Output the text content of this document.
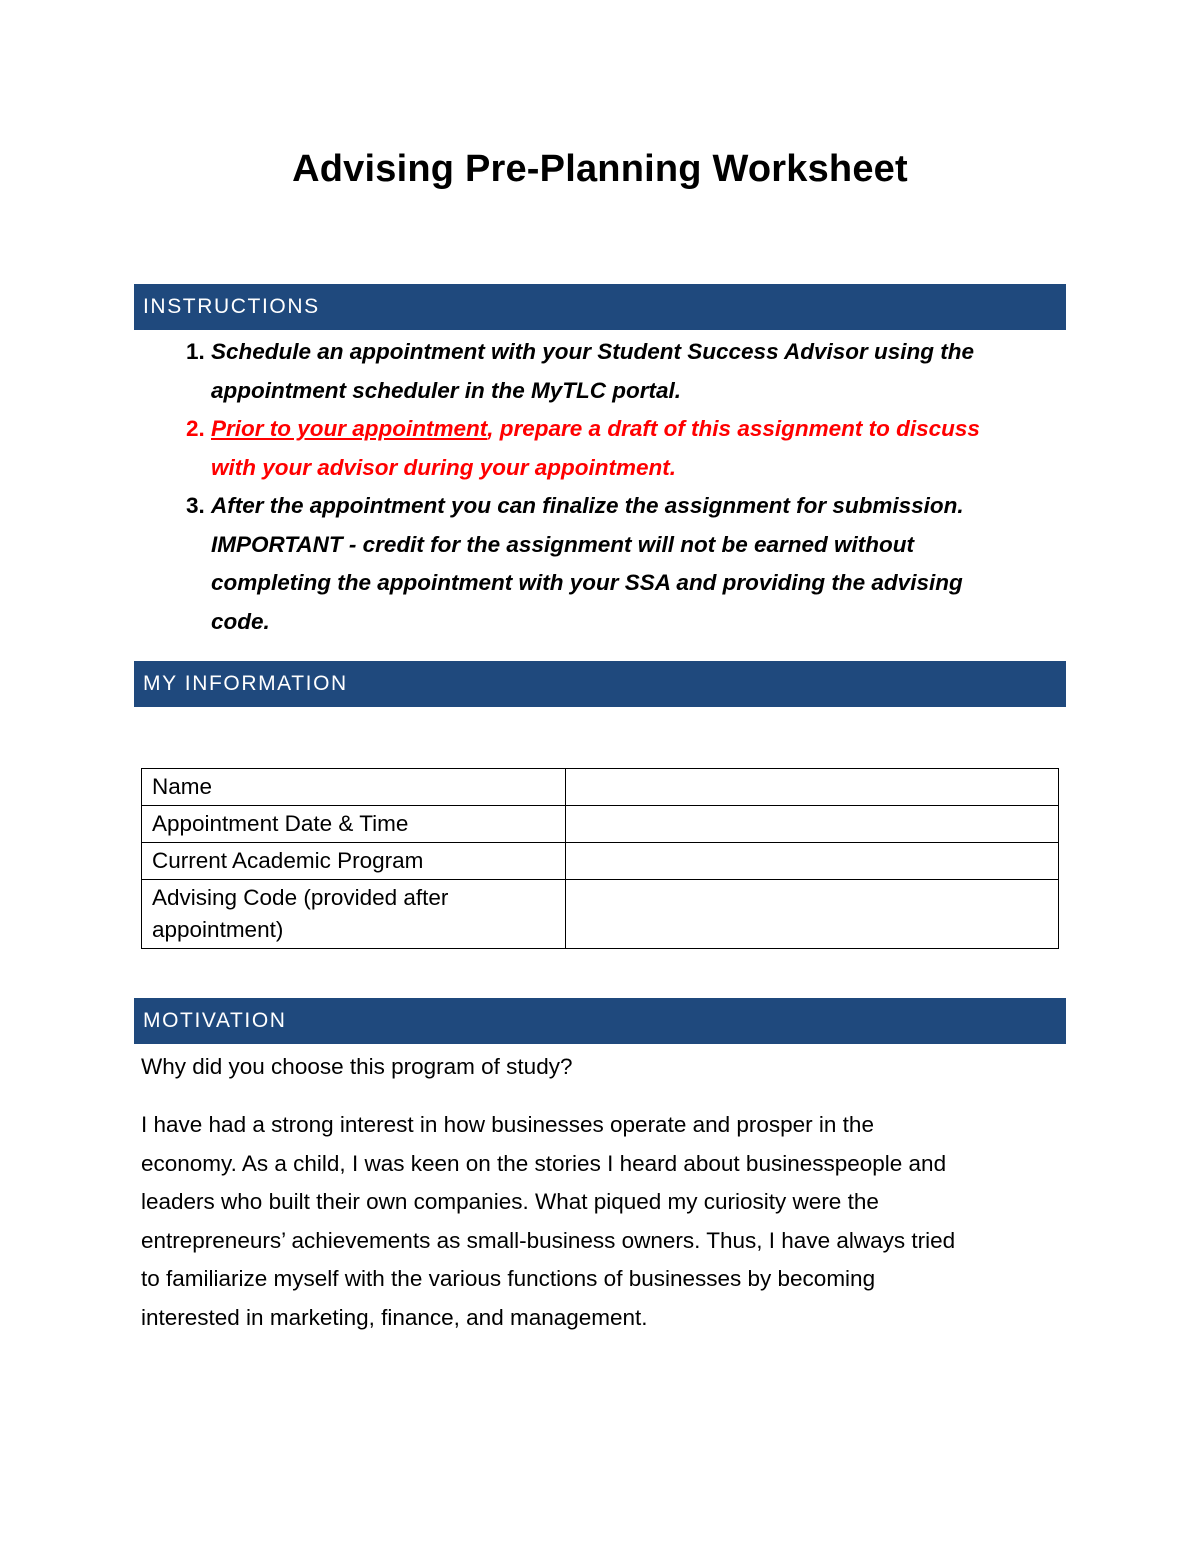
Advising Pre-Planning Worksheet
INSTRUCTIONS
1. Schedule an appointment with your Student Success Advisor using the
appointment scheduler in the MyTLC portal.
2. Prior to your appointment, prepare a draft of this assignment to discuss
with your advisor during your appointment.
3. After the appointment you can finalize the assignment for submission.
IMPORTANT - credit for the assignment will not be earned without
completing the appointment with your SSA and providing the advising
code.
MY INFORMATION
Name	
Appointment Date & Time	
Current Academic Program	

Advising Code (provided after
appointment)	

MOTIVATION
Why did you choose this program of study?
I have had a strong interest in how businesses operate and prosper in the
economy. As a child, I was keen on the stories I heard about businesspeople and
leaders who built their own companies. What piqued my curiosity were the
entrepreneurs’ achievements as small-business owners. Thus, I have always tried
to familiarize myself with the various functions of businesses by becoming
interested in marketing, finance, and management.
